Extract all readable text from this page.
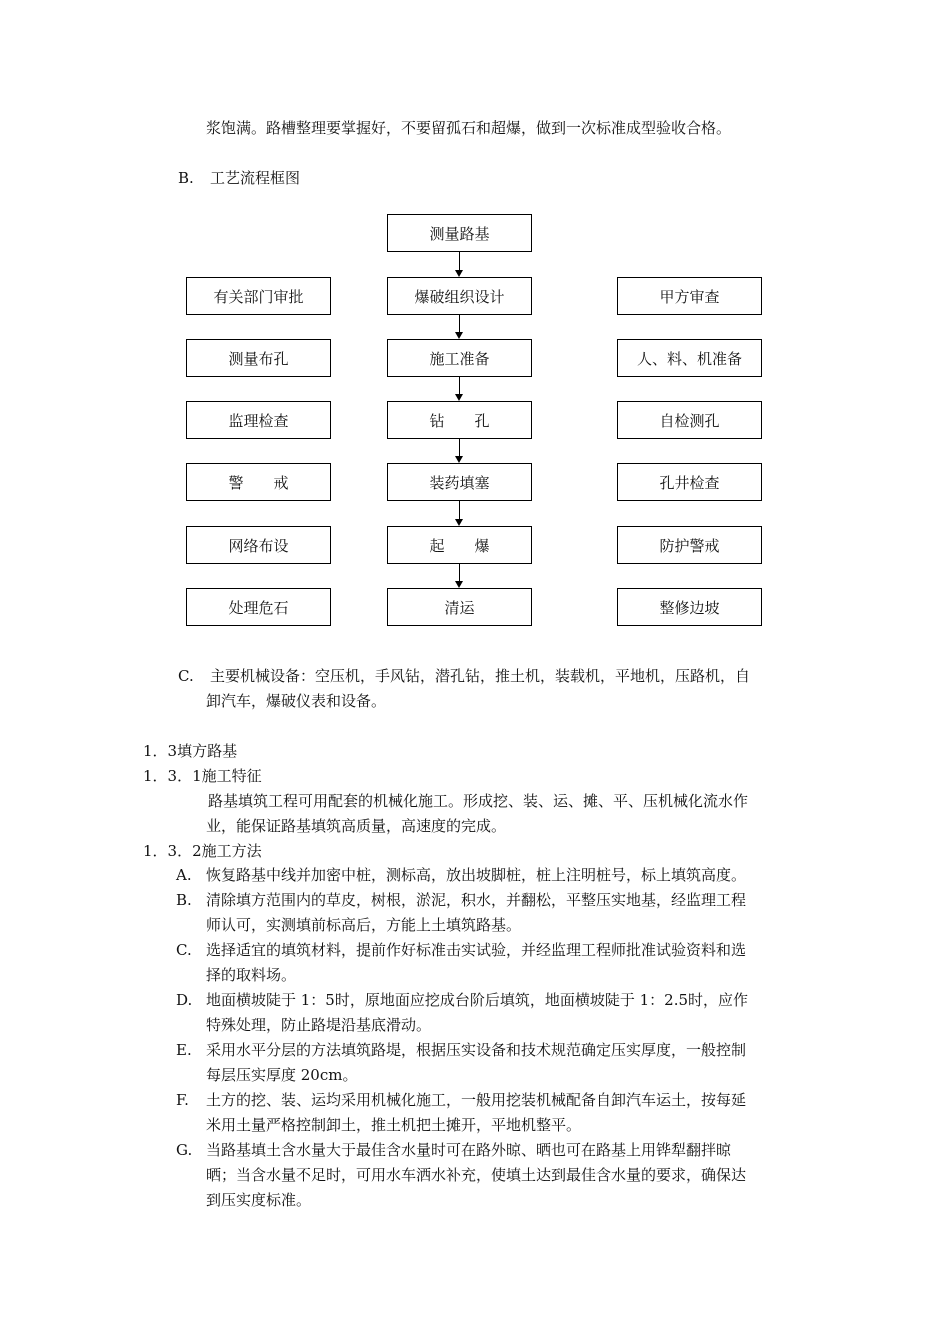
浆饱满。路槽整理要掌握好，不要留孤石和超爆，做到一次标准成型验收合格。
B. 工艺流程框图
测量路基
爆破组织设计
施工准备
钻　　孔
装药填塞
起　　爆
清运
有关部门审批
测量布孔
监理检查
警　　戒
网络布设
处理危石
甲方审查
人、料、机准备
自检测孔
孔井检查
防护警戒
整修边坡
C. 主要机械设备：空压机，手风钻，潜孔钻，推土机，装载机，平地机，压路机，自
卸汽车，爆破仪表和设备。
1．3填方路基
1．3．1施工特征
路基填筑工程可用配套的机械化施工。形成挖、装、运、摊、平、压机械化流水作
业，能保证路基填筑高质量，高速度的完成。
1．3．2施工方法
A. 恢复路基中线并加密中桩，测标高，放出坡脚桩，桩上注明桩号，标上填筑高度。
B. 清除填方范围内的草皮，树根，淤泥，积水，并翻松，平整压实地基，经监理工程
师认可，实测填前标高后，方能上土填筑路基。
C. 选择适宜的填筑材料，提前作好标准击实试验，并经监理工程师批准试验资料和选
择的取料场。
D. 地面横坡陡于 1：5时，原地面应挖成台阶后填筑，地面横坡陡于 1：2.5时，应作
特殊处理，防止路堤沿基底滑动。
E. 采用水平分层的方法填筑路堤，根据压实设备和技术规范确定压实厚度，一般控制
每层压实厚度 20cm。
F. 土方的挖、装、运均采用机械化施工，一般用挖装机械配备自卸汽车运土，按每延
米用土量严格控制卸土，推土机把土摊开，平地机整平。
G. 当路基填土含水量大于最佳含水量时可在路外晾、晒也可在路基上用铧犁翻拌晾
晒；当含水量不足时，可用水车洒水补充，使填土达到最佳含水量的要求，确保达
到压实度标准。
